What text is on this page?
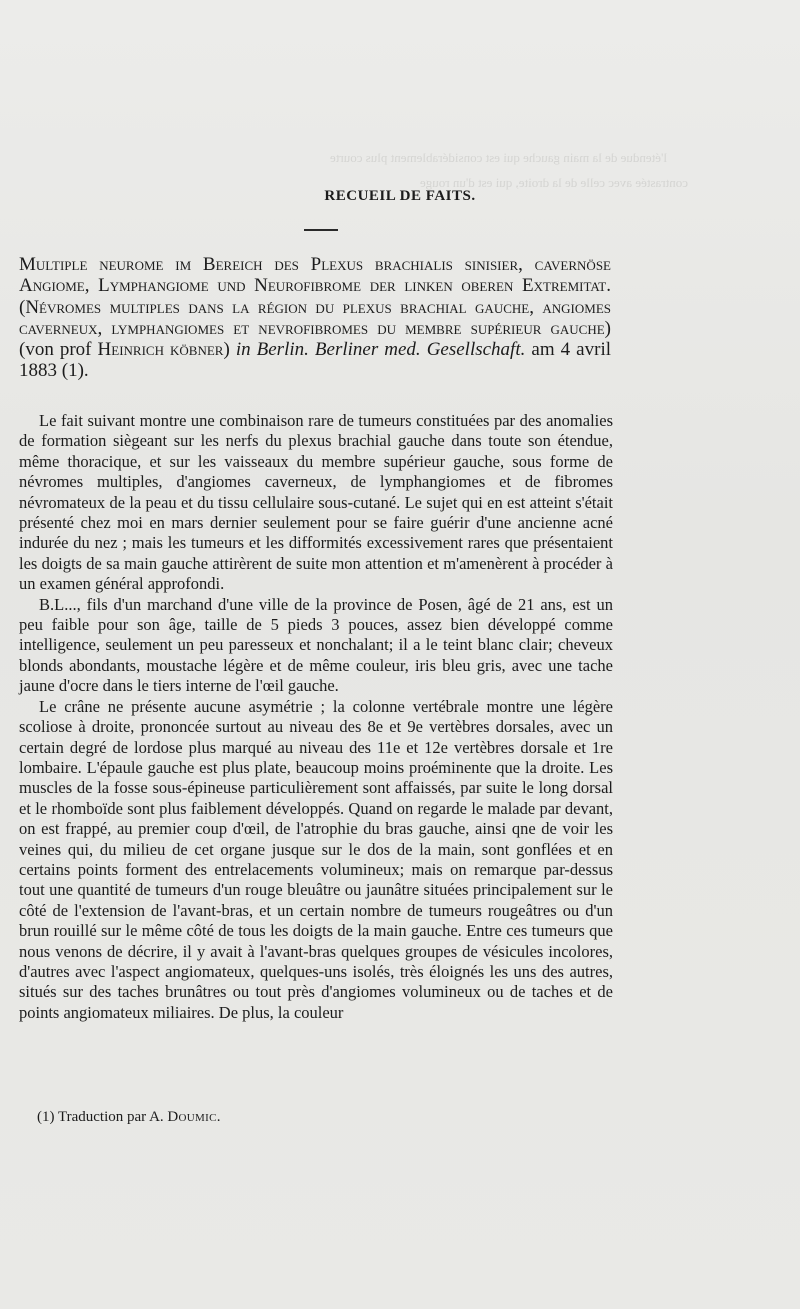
l'étendue de la main gauche qui est considérablement plus courte
contrastée avec celle de la droite, qui est d'un rouge
RECUEIL DE FAITS.
Multiple neurome im Bereich des Plexus brachialis sinisier, cavernöse Angiome, Lymphangiome und Neurofibrome der linken oberen Extremitat. (Névromes multiples dans la région du plexus brachial gauche, angiomes caverneux, lymphangiomes et nevrofibromes du membre supérieur gauche) (von prof Heinrich köbner) in Berlin. Berliner med. Gesellschaft. am 4 avril 1883 (1).

Le fait suivant montre une combinaison rare de tumeurs constituées par des anomalies de formation siègeant sur les nerfs du plexus brachial gauche dans toute son étendue, même thoracique, et sur les vaisseaux du membre supérieur gauche, sous forme de névromes multiples, d'angiomes caverneux, de lymphangiomes et de fibromes névromateux de la peau et du tissu cellulaire sous-cutané. Le sujet qui en est atteint s'était présenté chez moi en mars dernier seulement pour se faire guérir d'une ancienne acné indurée du nez ; mais les tumeurs et les difformités excessivement rares que présentaient les doigts de sa main gauche attirèrent de suite mon attention et m'amenèrent à procéder à un examen général approfondi.

B.L..., fils d'un marchand d'une ville de la province de Posen, âgé de 21 ans, est un peu faible pour son âge, taille de 5 pieds 3 pouces, assez bien développé comme intelligence, seulement un peu paresseux et nonchalant; il a le teint blanc clair; cheveux blonds abondants, moustache légère et de même couleur, iris bleu gris, avec une tache jaune d'ocre dans le tiers interne de l'œil gauche.

Le crâne ne présente aucune asymétrie ; la colonne vertébrale montre une légère scoliose à droite, prononcée surtout au niveau des 8e et 9e vertèbres dorsales, avec un certain degré de lordose plus marqué au niveau des 11e et 12e vertèbres dorsale et 1re lombaire. L'épaule gauche est plus plate, beaucoup moins proéminente que la droite. Les muscles de la fosse sous-épineuse particulièrement sont affaissés, par suite le long dorsal et le rhomboïde sont plus faiblement développés. Quand on regarde le malade par devant, on est frappé, au premier coup d'œil, de l'atrophie du bras gauche, ainsi qne de voir les veines qui, du milieu de cet organe jusque sur le dos de la main, sont gonflées et en certains points forment des entrelacements volumineux; mais on remarque par-dessus tout une quantité de tumeurs d'un rouge bleuâtre ou jaunâtre situées principalement sur le côté de l'extension de l'avant-bras, et un certain nombre de tumeurs rougeâtres ou d'un brun rouillé sur le même côté de tous les doigts de la main gauche. Entre ces tumeurs que nous venons de décrire, il y avait à l'avant-bras quelques groupes de vésicules incolores, d'autres avec l'aspect angiomateux, quelques-uns isolés, très éloignés les uns des autres, situés sur des taches brunâtres ou tout près d'angiomes volumineux ou de taches et de points angiomateux miliaires. De plus, la couleur

(1) Traduction par A. Doumic.
